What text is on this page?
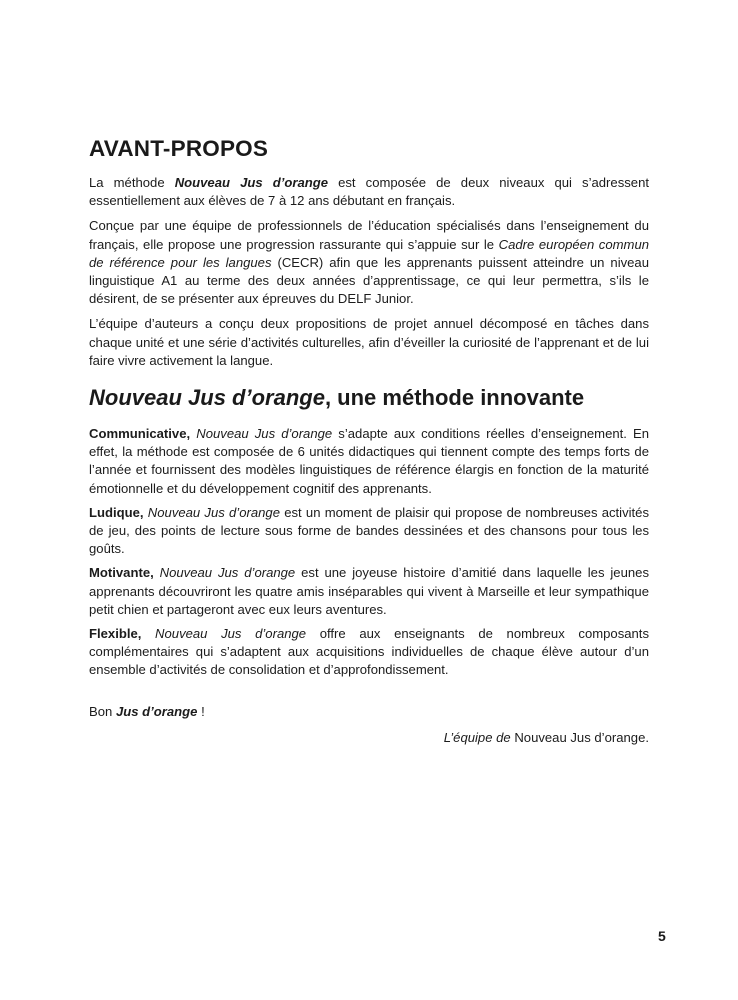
AVANT-PROPOS

La méthode Nouveau Jus d’orange est composée de deux niveaux qui s’adressent essentiellement aux élèves de 7 à 12 ans débutant en français.

Conçue par une équipe de professionnels de l’éducation spécialisés dans l’enseignement du français, elle propose une progression rassurante qui s’appuie sur le Cadre européen commun de référence pour les langues (CECR) afin que les apprenants puissent atteindre un niveau linguistique A1 au terme des deux années d’apprentissage, ce qui leur permettra, s’ils le désirent, de se présenter aux épreuves du DELF Junior.

L’équipe d’auteurs a conçu deux propositions de projet annuel décomposé en tâches dans chaque unité et une série d’activités culturelles, afin d’éveiller la curiosité de l’apprenant et de lui faire vivre activement la langue.

Nouveau Jus d’orange, une méthode innovante

Communicative, Nouveau Jus d’orange s’adapte aux conditions réelles d’enseignement. En effet, la méthode est composée de 6 unités didactiques qui tiennent compte des temps forts de l’année et fournissent des modèles linguistiques de référence élargis en fonction de la maturité émotionnelle et du développement cognitif des apprenants.

Ludique, Nouveau Jus d’orange est un moment de plaisir qui propose de nombreuses activités de jeu, des points de lecture sous forme de bandes dessinées et des chansons pour tous les goûts.

Motivante, Nouveau Jus d’orange est une joyeuse histoire d’amitié dans laquelle les jeunes apprenants découvriront les quatre amis inséparables qui vivent à Marseille et leur sympathique petit chien et partageront avec eux leurs aventures.

Flexible, Nouveau Jus d’orange offre aux enseignants de nombreux composants complémentaires qui s’adaptent aux acquisitions individuelles de chaque élève autour d’un ensemble d’activités de consolidation et d’approfondissement.

Bon Jus d’orange !

L’équipe de Nouveau Jus d’orange.
5
